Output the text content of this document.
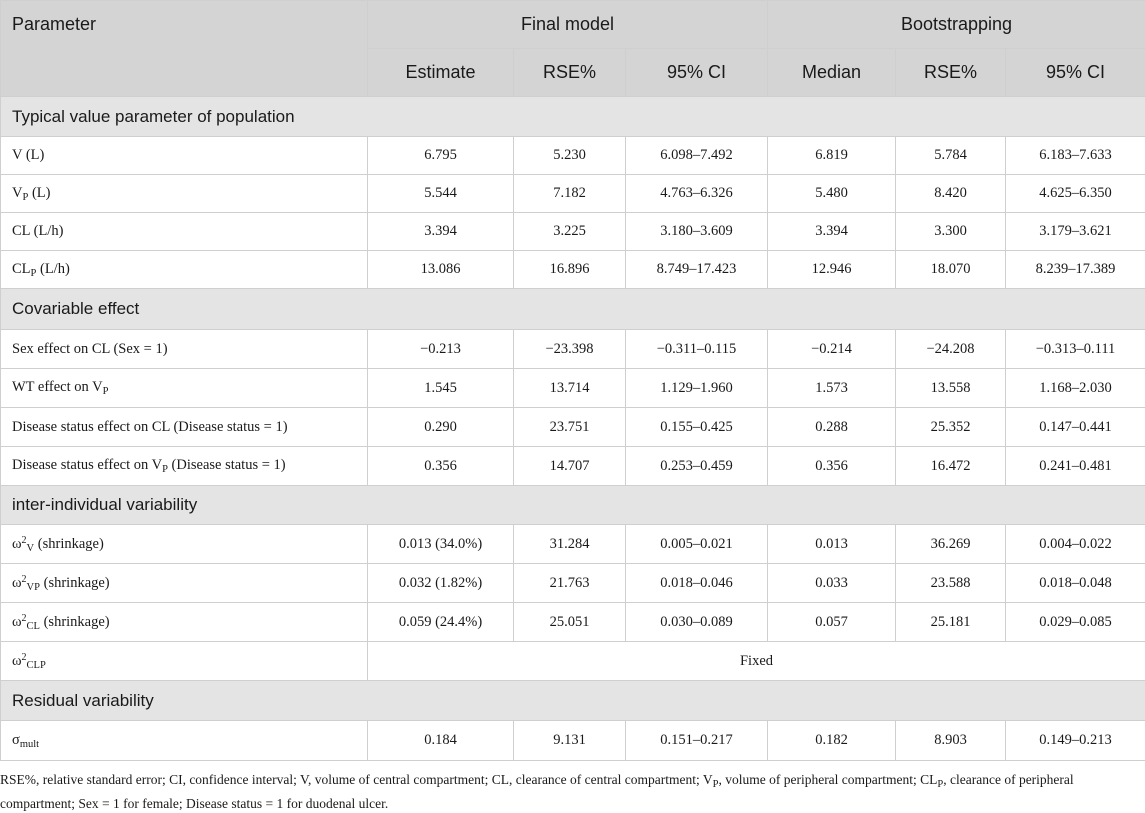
Parameter	Final model			Bootstrapping		
	Estimate	RSE%	95% CI	Median	RSE%	95% CI
Typical value parameter of population						
V (L)	6.795	5.230	6.098–7.492	6.819	5.784	6.183–7.633
$V_P$ (L)	5.544	7.182	4.763–6.326	5.480	8.420	4.625–6.350
CL (L/h)	3.394	3.225	3.180–3.609	3.394	3.300	3.179–3.621
$CL_P$ (L/h)	13.086	16.896	8.749–17.423	12.946	18.070	8.239–17.389
Covariable effect						
Sex effect on CL (Sex = 1)	−0.213	−23.398	−0.311–0.115	−0.214	−24.208	−0.313–0.111
WT effect on $V_P$	1.545	13.714	1.129–1.960	1.573	13.558	1.168–2.030
Disease status effect on CL (Disease status = 1)	0.290	23.751	0.155–0.425	0.288	25.352	0.147–0.441
Disease status effect on $V_P$ (Disease status = 1)	0.356	14.707	0.253–0.459	0.356	16.472	0.241–0.481
inter-individual variability						
$\omega^2_V$ (shrinkage)	0.013 (34.0%)	31.284	0.005–0.021	0.013	36.269	0.004–0.022
$\omega^2_{VP}$ (shrinkage)	0.032 (1.82%)	21.763	0.018–0.046	0.033	23.588	0.018–0.048
$\omega^2_{CL}$ (shrinkage)	0.059 (24.4%)	25.051	0.030–0.089	0.057	25.181	0.029–0.085
$\omega^2_{CLP}$	Fixed					
Residual variability						
$\sigma_{mult}$	0.184	9.131	0.151–0.217	0.182	8.903	0.149–0.213
RSE%, relative standard error; CI, confidence interval; V, volume of central compartment; CL, clearance of central compartment; $V_P$, volume of peripheral compartment; $CL_P$, clearance of peripheral compartment; Sex = 1 for female; Disease status = 1 for duodenal ulcer.
